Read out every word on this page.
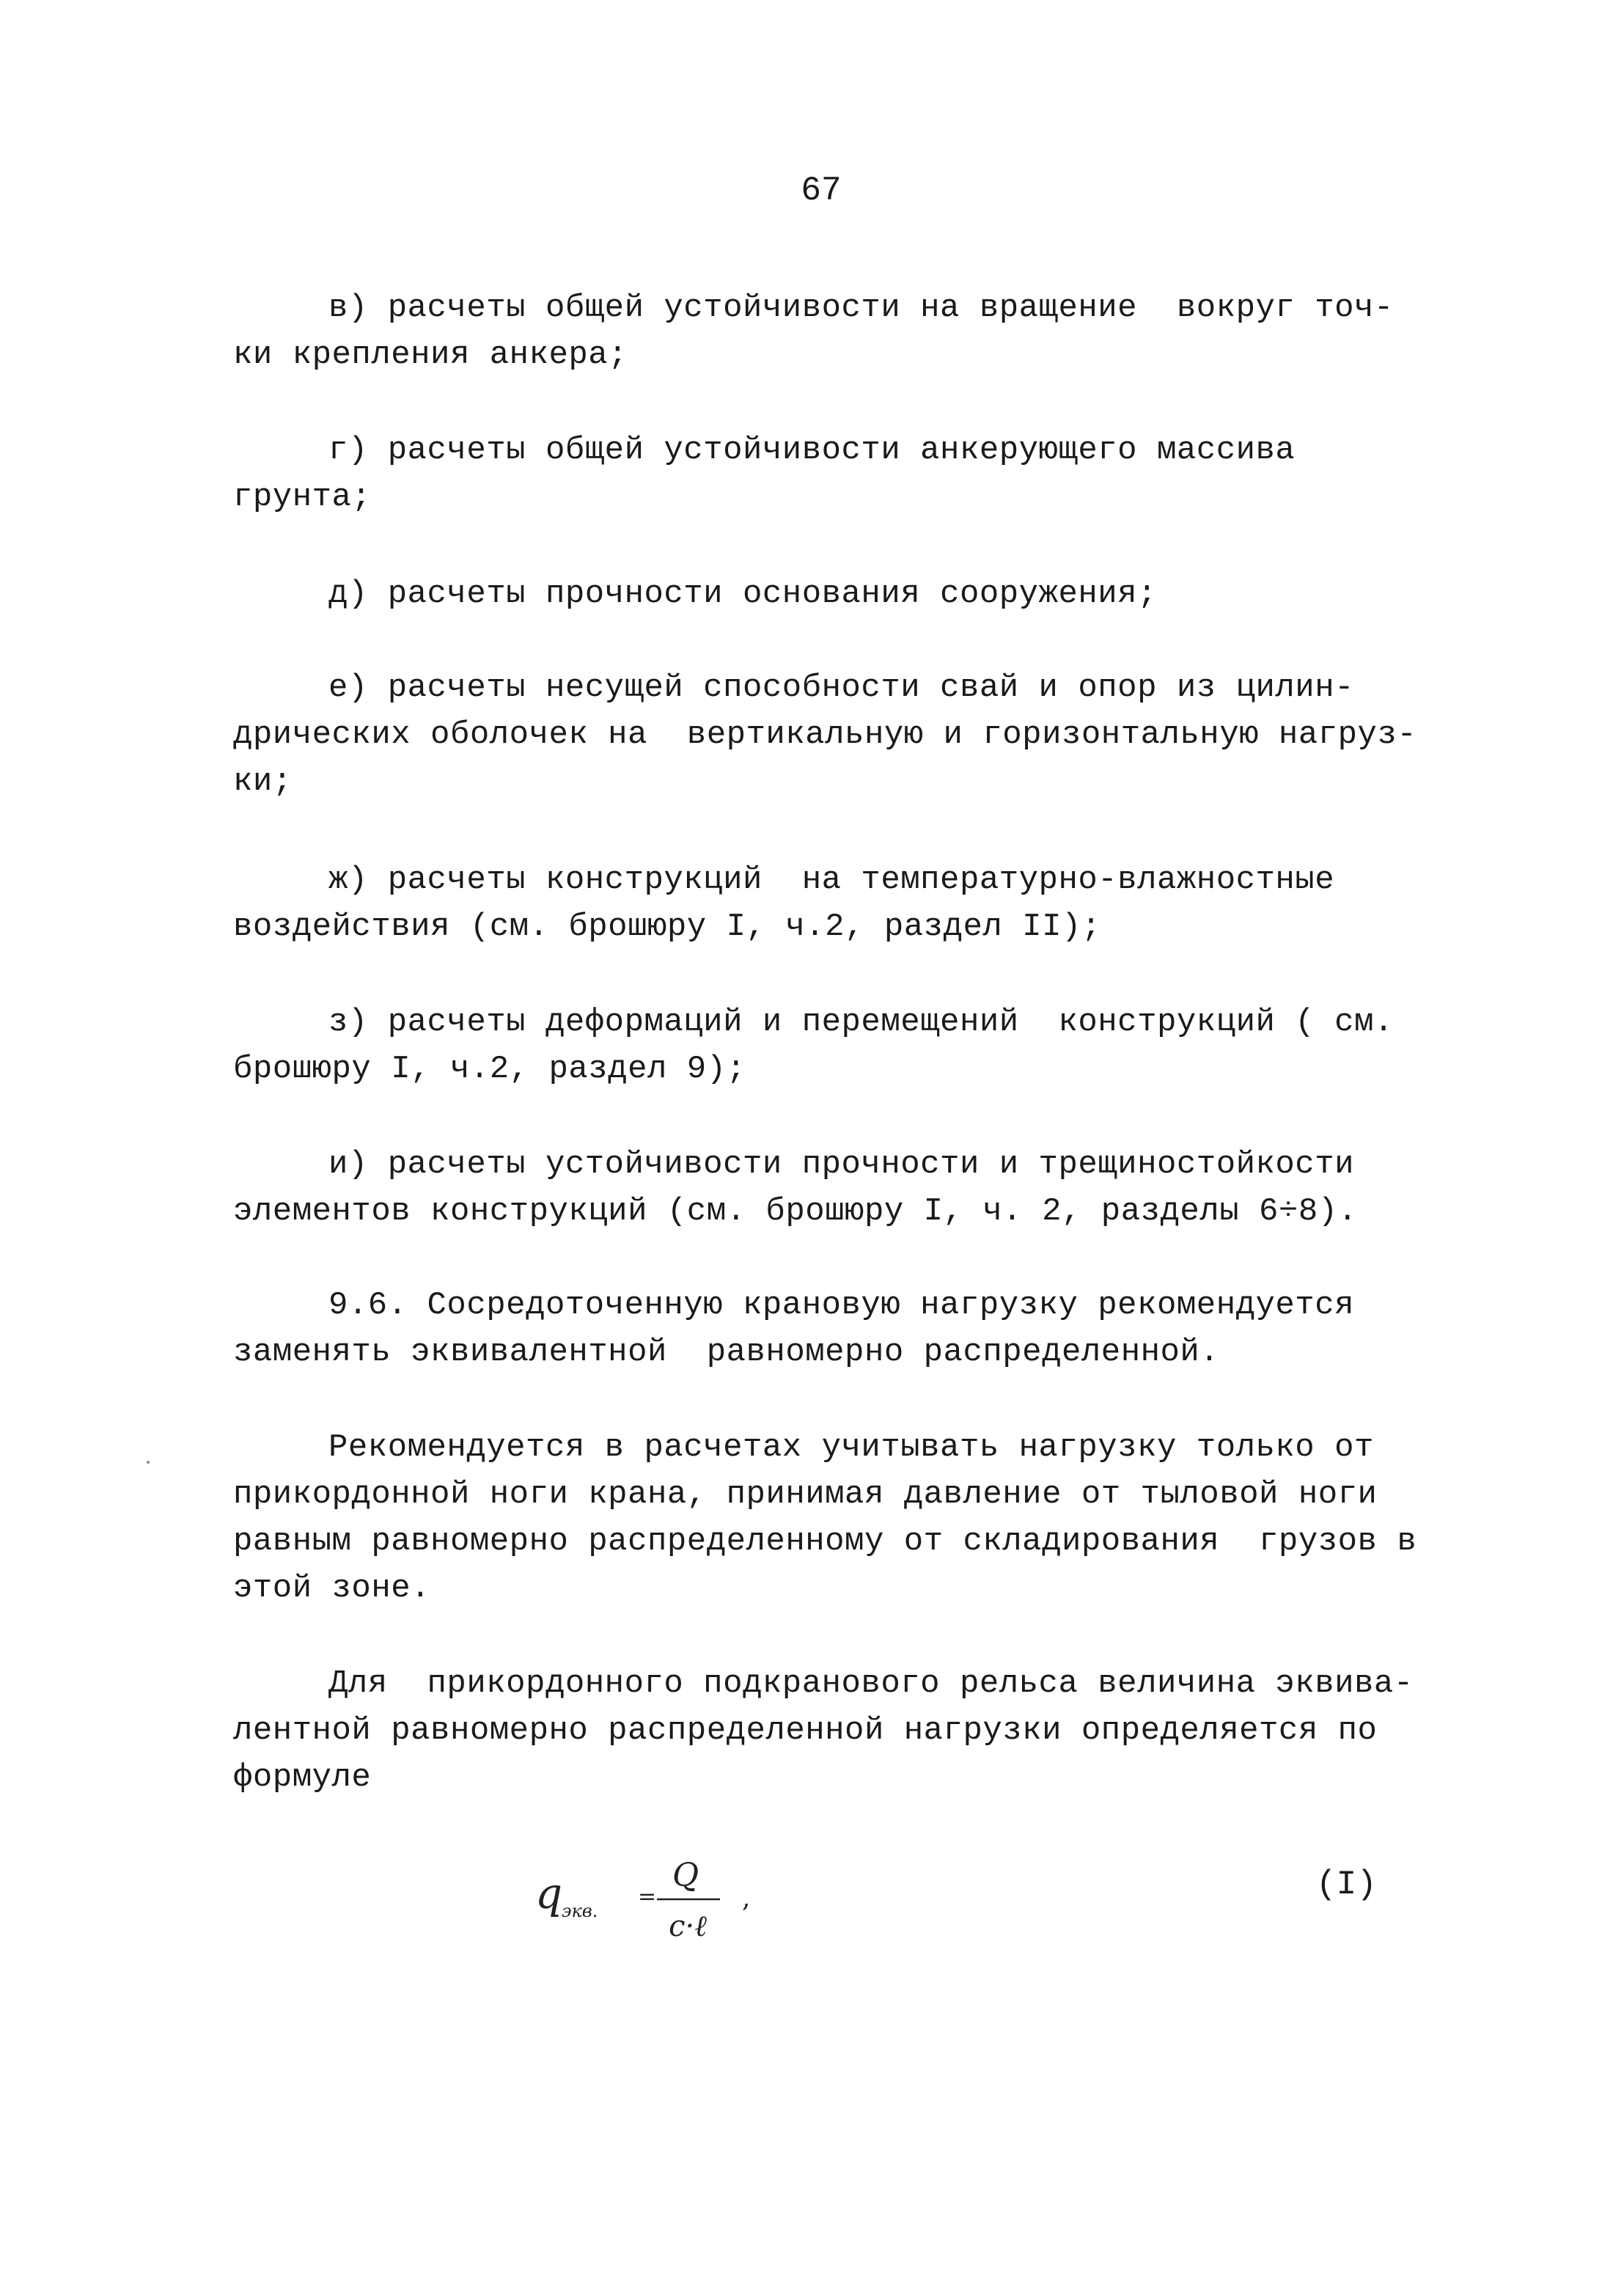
67
в) расчеты общей устойчивости на вращение  вокруг точ-
ки крепления анкера;
г) расчеты общей устойчивости анкерующего массива
грунта;
д) расчеты прочности основания сооружения;
е) расчеты несущей способности свай и опор из цилин-
дрических оболочек на  вертикальную и горизонтальную нагруз-
ки;
ж) расчеты конструкций  на температурно-влажностные
воздействия (см. брошюру I, ч.2, раздел II);
з) расчеты деформаций и перемещений  конструкций ( см.
брошюру I, ч.2, раздел 9);
и) расчеты устойчивости прочности и трещиностойкости
элементов конструкций (см. брошюру I, ч. 2, разделы 6÷8).
9.6. Сосредоточенную крановую нагрузку рекомендуется
заменять эквивалентной  равномерно распределенной.
Рекомендуется в расчетах учитывать нагрузку только от
прикордонной ноги крана, принимая давление от тыловой ноги
равным равномерно распределенному от складирования  грузов в
этой зоне.
Для  прикордонного подкранового рельса величина эквива-
лентной равномерно распределенной нагрузки определяется по
формуле
q
экв.
=
Q
c·ℓ
,	(I)
